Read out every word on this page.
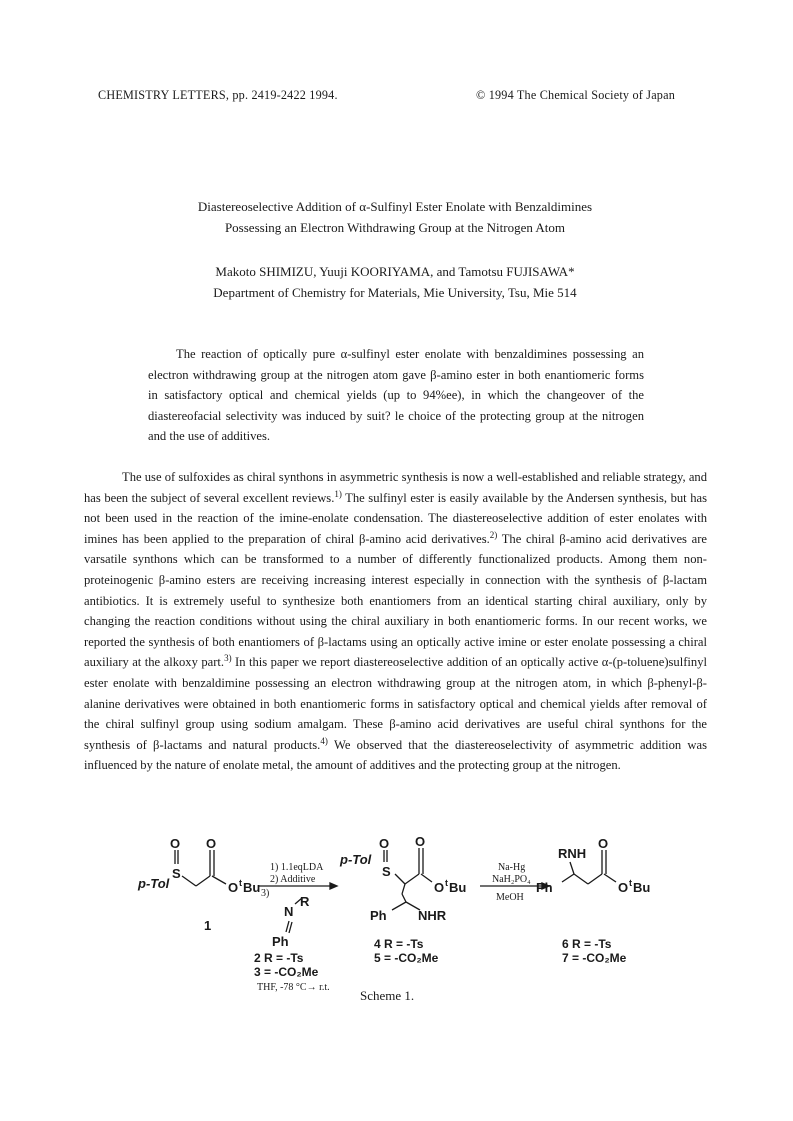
CHEMISTRY LETTERS, pp. 2419-2422 1994.	© 1994 The Chemical Society of Japan
Diastereoselective Addition of α-Sulfinyl Ester Enolate with Benzaldimines
Possessing an Electron Withdrawing Group at the Nitrogen Atom
Makoto SHIMIZU, Yuuji KOORIYAMA, and Tamotsu FUJISAWA*
Department of Chemistry for Materials, Mie University, Tsu, Mie 514

The reaction of optically pure α-sulfinyl ester enolate with benzaldimines possessing an electron withdrawing group at the nitrogen atom gave β-amino ester in both enantiomeric forms in satisfactory optical and chemical yields (up to 94%ee), in which the changeover of the diastereofacial selectivity was induced by suit? le choice of the protecting group at the nitrogen and the use of additives.

The use of sulfoxides as chiral synthons in asymmetric synthesis is now a well-established and reliable strategy, and has been the subject of several excellent reviews.$^{1)}$ The sulfinyl ester is easily available by the Andersen synthesis, but has not been used in the reaction of the imine-enolate condensation. The diastereoselective addition of ester enolates with imines has been applied to the preparation of chiral β-amino acid derivatives.$^{2)}$ The chiral β-amino acid derivatives are varsatile synthons which can be transformed to a number of differently functionalized products. Among them non-proteinogenic β-amino esters are receiving increasing interest especially in connection with the synthesis of β-lactam antibiotics. It is extremely useful to synthesize both enantiomers from an identical starting chiral auxiliary, only by changing the reaction conditions without using the chiral auxiliary in both enantiomeric forms. In our recent works, we reported the synthesis of both enantiomers of β-lactams using an optically active imine or ester enolate possessing a chiral auxiliary at the alkoxy part.$^{3)}$ In this paper we report diastereoselective addition of an optically active α-(p-toluene)sulfinyl ester enolate with benzaldimine possessing an electron withdrawing group at the nitrogen atom, in which β-phenyl-β-alanine derivatives were obtained in both enantiomeric forms in satisfactory optical and chemical yields after removal of the chiral sulfinyl group using sodium amalgam. These β-amino acid derivatives are useful chiral synthons for the synthesis of β-lactams and natural products.$^{4)}$ We observed that the diastereoselectivity of asymmetric addition was influenced by the nature of enolate metal, the amount of additives and the protecting group at the nitrogen.

p-Tol
O
S
O
O t Bu
1
N
R
Ph
2 R = -Ts
3 = -CO₂Me
p-Tol
O
S
O
O t Bu
Ph NHR
4 R = -Ts
5 = -CO₂Me
RNH
O
Ph	O t Bu
6 R = -Ts
7 = -CO₂Me
1) 1.1eqLDA
2) Additive
3)
THF, -78 °C→ r.t.
Na-Hg
NaH₂PO₄
MeOH
Scheme 1.
